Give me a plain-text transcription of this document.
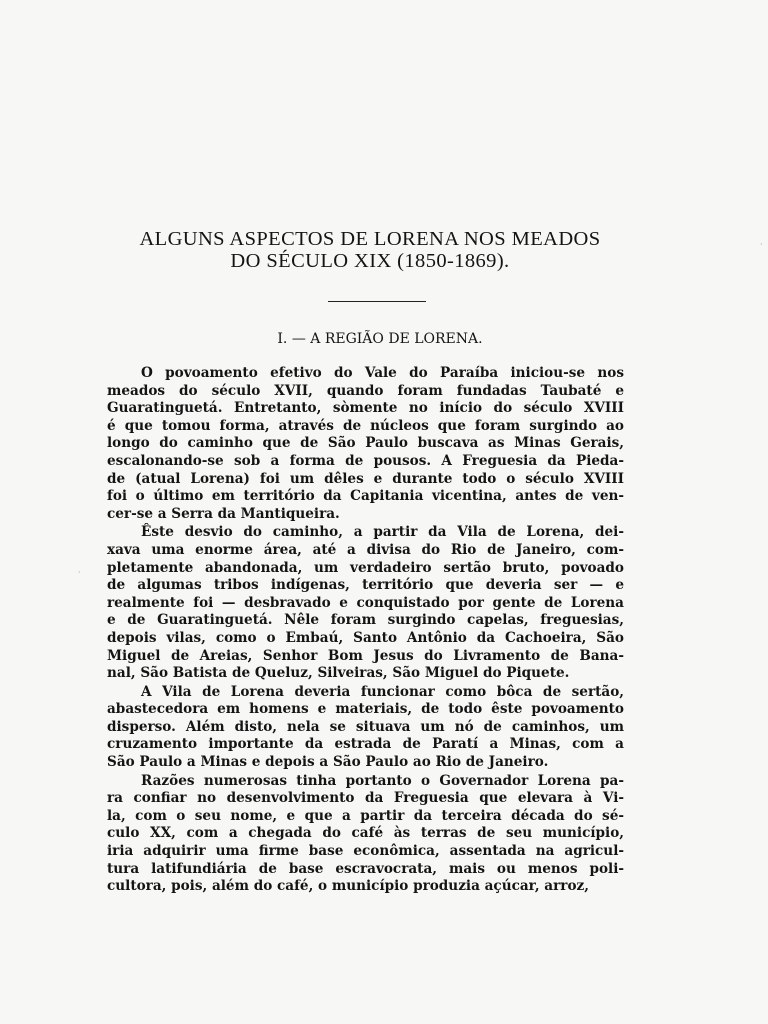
ALGUNS ASPECTOS DE LORENA NOS MEADOS
DO SÉCULO XIX (1850-1869).
I. — A REGIÃO DE LORENA.

O povoamento efetivo do Vale do Paraíba iniciou-se nos
meados do século XVII, quando foram fundadas Taubaté e
Guaratinguetá. Entretanto, sòmente no início do século XVIII
é que tomou forma, através de núcleos que foram surgindo ao
longo do caminho que de São Paulo buscava as Minas Gerais,
escalonando-se sob a forma de pousos. A Freguesia da Pieda-
de (atual Lorena) foi um dêles e durante todo o século XVIII
foi o último em território da Capitania vicentina, antes de ven-
cer-se a Serra da Mantiqueira.

Êste desvio do caminho, a partir da Vila de Lorena, dei-
xava uma enorme área, até a divisa do Rio de Janeiro, com-
pletamente abandonada, um verdadeiro sertão bruto, povoado
de algumas tribos indígenas, território que deveria ser — e
realmente foi — desbravado e conquistado por gente de Lorena
e de Guaratinguetá. Nêle foram surgindo capelas, freguesias,
depois vilas, como o Embaú, Santo Antônio da Cachoeira, São
Miguel de Areias, Senhor Bom Jesus do Livramento de Bana-
nal, São Batista de Queluz, Silveiras, São Miguel do Piquete.

A Vila de Lorena deveria funcionar como bôca de sertão,
abastecedora em homens e materiais, de todo êste povoamento
disperso. Além disto, nela se situava um nó de caminhos, um
cruzamento importante da estrada de Paratí a Minas, com a
São Paulo a Minas e depois a São Paulo ao Rio de Janeiro.

Razões numerosas tinha portanto o Governador Lorena pa-
ra confiar no desenvolvimento da Freguesia que elevara à Vi-
la, com o seu nome, e que a partir da terceira década do sé-
culo XX, com a chegada do café às terras de seu município,
iria adquirir uma firme base econômica, assentada na agricul-
tura latifundiária de base escravocrata, mais ou menos poli-
cultora, pois, além do café, o município produzia açúcar, arroz,

·
·
